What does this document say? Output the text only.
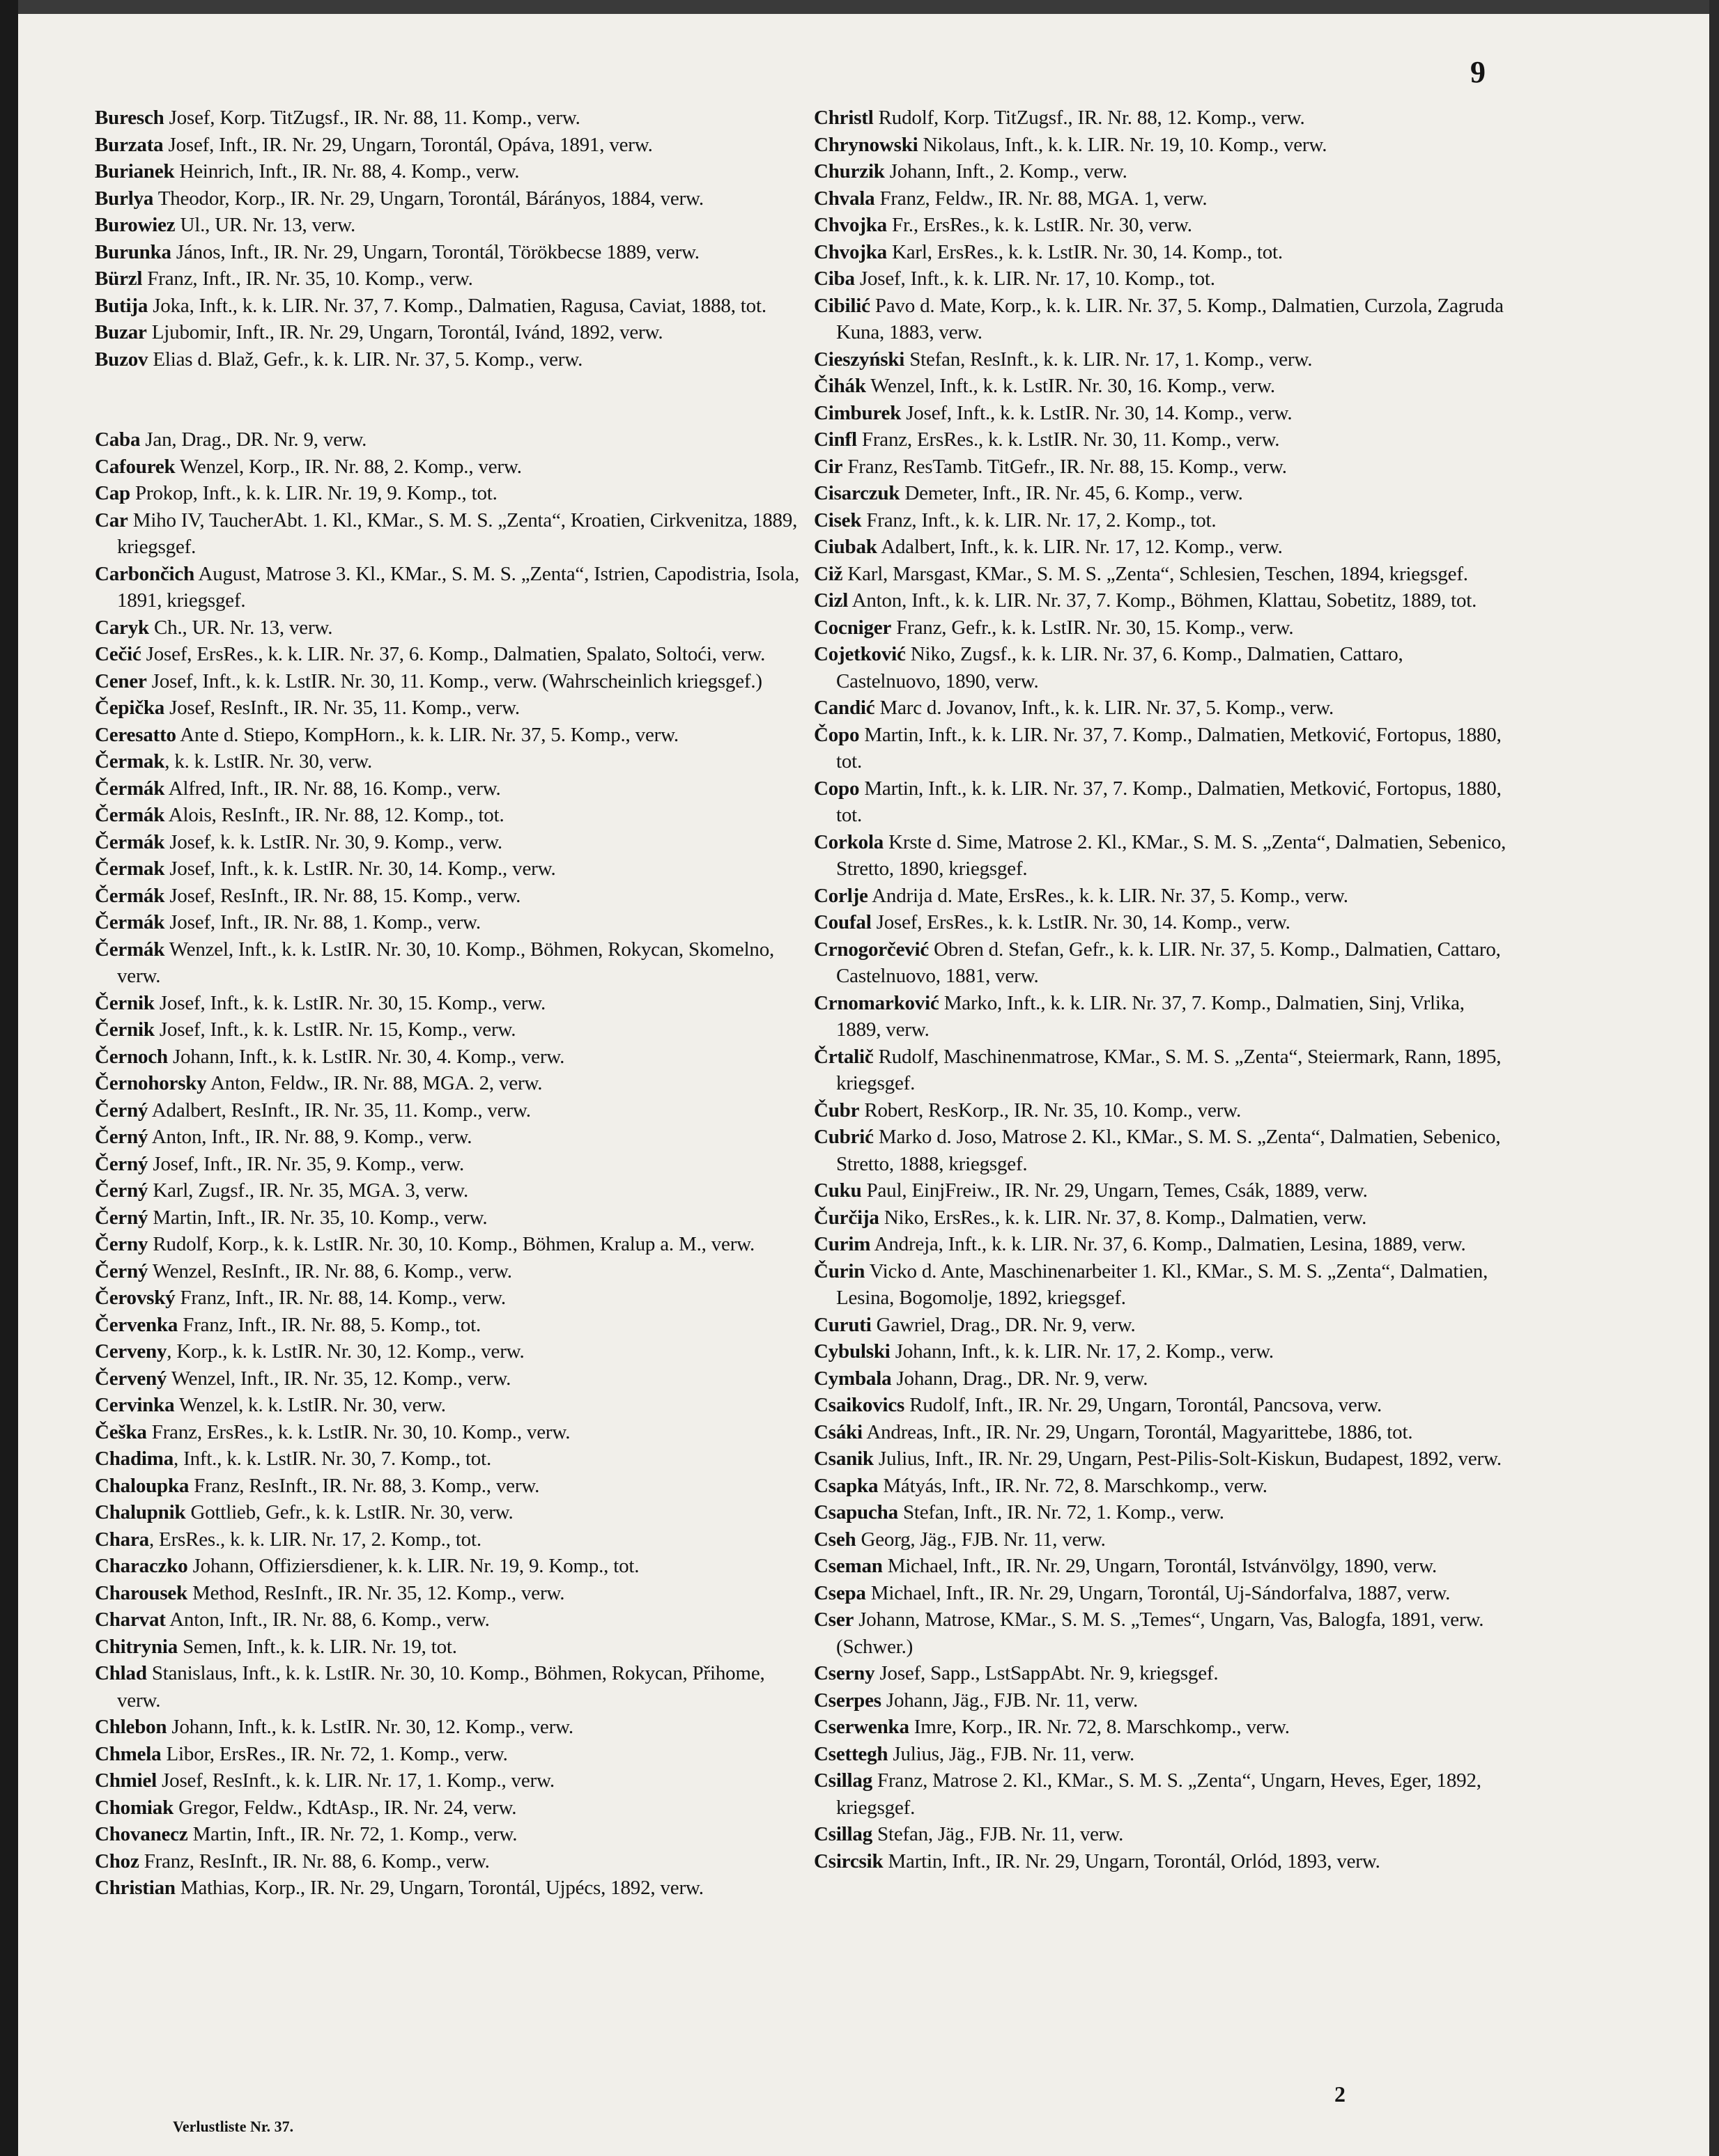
9

Buresch Josef, Korp. TitZugsf., IR. Nr. 88, 11. Komp., verw.

Burzata Josef, Inft., IR. Nr. 29, Ungarn, Torontál, Opáva, 1891, verw.

Burianek Heinrich, Inft., IR. Nr. 88, 4. Komp., verw.

Burlya Theodor, Korp., IR. Nr. 29, Ungarn, Torontál, Bárányos, 1884, verw.

Burowiez Ul., UR. Nr. 13, verw.

Burunka János, Inft., IR. Nr. 29, Ungarn, Torontál, Törökbecse 1889, verw.

Bürzl Franz, Inft., IR. Nr. 35, 10. Komp., verw.

Butija Joka, Inft., k. k. LIR. Nr. 37, 7. Komp., Dalmatien, Ragusa, Caviat, 1888, tot.

Buzar Ljubomir, Inft., IR. Nr. 29, Ungarn, Torontál, Ivánd, 1892, verw.

Buzov Elias d. Blaž, Gefr., k. k. LIR. Nr. 37, 5. Komp., verw.

Caba Jan, Drag., DR. Nr. 9, verw.

Cafourek Wenzel, Korp., IR. Nr. 88, 2. Komp., verw.

Cap Prokop, Inft., k. k. LIR. Nr. 19, 9. Komp., tot.

Car Miho IV, TaucherAbt. 1. Kl., KMar., S. M. S. „Zenta“, Kroatien, Cirkvenitza, 1889, kriegsgef.

Carbončich August, Matrose 3. Kl., KMar., S. M. S. „Zenta“, Istrien, Capodistria, Isola, 1891, kriegsgef.

Caryk Ch., UR. Nr. 13, verw.

Cečić Josef, ErsRes., k. k. LIR. Nr. 37, 6. Komp., Dalmatien, Spalato, Soltoći, verw.

Cener Josef, Inft., k. k. LstIR. Nr. 30, 11. Komp., verw. (Wahrscheinlich kriegsgef.)

Čepička Josef, ResInft., IR. Nr. 35, 11. Komp., verw.

Ceresatto Ante d. Stiepo, KompHorn., k. k. LIR. Nr. 37, 5. Komp., verw.

Čermak, k. k. LstIR. Nr. 30, verw.

Čermák Alfred, Inft., IR. Nr. 88, 16. Komp., verw.

Čermák Alois, ResInft., IR. Nr. 88, 12. Komp., tot.

Čermák Josef, k. k. LstIR. Nr. 30, 9. Komp., verw.

Čermak Josef, Inft., k. k. LstIR. Nr. 30, 14. Komp., verw.

Čermák Josef, ResInft., IR. Nr. 88, 15. Komp., verw.

Čermák Josef, Inft., IR. Nr. 88, 1. Komp., verw.

Čermák Wenzel, Inft., k. k. LstIR. Nr. 30, 10. Komp., Böhmen, Rokycan, Skomelno, verw.

Černik Josef, Inft., k. k. LstIR. Nr. 30, 15. Komp., verw.

Černik Josef, Inft., k. k. LstIR. Nr. 15, Komp., verw.

Černoch Johann, Inft., k. k. LstIR. Nr. 30, 4. Komp., verw.

Černohorsky Anton, Feldw., IR. Nr. 88, MGA. 2, verw.

Černý Adalbert, ResInft., IR. Nr. 35, 11. Komp., verw.

Černý Anton, Inft., IR. Nr. 88, 9. Komp., verw.

Černý Josef, Inft., IR. Nr. 35, 9. Komp., verw.

Černý Karl, Zugsf., IR. Nr. 35, MGA. 3, verw.

Černý Martin, Inft., IR. Nr. 35, 10. Komp., verw.

Černy Rudolf, Korp., k. k. LstIR. Nr. 30, 10. Komp., Böhmen, Kralup a. M., verw.

Černý Wenzel, ResInft., IR. Nr. 88, 6. Komp., verw.

Čerovský Franz, Inft., IR. Nr. 88, 14. Komp., verw.

Červenka Franz, Inft., IR. Nr. 88, 5. Komp., tot.

Cerveny, Korp., k. k. LstIR. Nr. 30, 12. Komp., verw.

Červený Wenzel, Inft., IR. Nr. 35, 12. Komp., verw.

Cervinka Wenzel, k. k. LstIR. Nr. 30, verw.

Češka Franz, ErsRes., k. k. LstIR. Nr. 30, 10. Komp., verw.

Chadima, Inft., k. k. LstIR. Nr. 30, 7. Komp., tot.

Chaloupka Franz, ResInft., IR. Nr. 88, 3. Komp., verw.

Chalupnik Gottlieb, Gefr., k. k. LstIR. Nr. 30, verw.

Chara, ErsRes., k. k. LIR. Nr. 17, 2. Komp., tot.

Characzko Johann, Offiziersdiener, k. k. LIR. Nr. 19, 9. Komp., tot.

Charousek Method, ResInft., IR. Nr. 35, 12. Komp., verw.

Charvat Anton, Inft., IR. Nr. 88, 6. Komp., verw.

Chitrynia Semen, Inft., k. k. LIR. Nr. 19, tot.

Chlad Stanislaus, Inft., k. k. LstIR. Nr. 30, 10. Komp., Böhmen, Rokycan, Přihome, verw.

Chlebon Johann, Inft., k. k. LstIR. Nr. 30, 12. Komp., verw.

Chmela Libor, ErsRes., IR. Nr. 72, 1. Komp., verw.

Chmiel Josef, ResInft., k. k. LIR. Nr. 17, 1. Komp., verw.

Chomiak Gregor, Feldw., KdtAsp., IR. Nr. 24, verw.

Chovanecz Martin, Inft., IR. Nr. 72, 1. Komp., verw.

Choz Franz, ResInft., IR. Nr. 88, 6. Komp., verw.

Christian Mathias, Korp., IR. Nr. 29, Ungarn, Torontál, Ujpécs, 1892, verw.

Christl Rudolf, Korp. TitZugsf., IR. Nr. 88, 12. Komp., verw.

Chrynowski Nikolaus, Inft., k. k. LIR. Nr. 19, 10. Komp., verw.

Churzik Johann, Inft., 2. Komp., verw.

Chvala Franz, Feldw., IR. Nr. 88, MGA. 1, verw.

Chvojka Fr., ErsRes., k. k. LstIR. Nr. 30, verw.

Chvojka Karl, ErsRes., k. k. LstIR. Nr. 30, 14. Komp., tot.

Ciba Josef, Inft., k. k. LIR. Nr. 17, 10. Komp., tot.

Cibilić Pavo d. Mate, Korp., k. k. LIR. Nr. 37, 5. Komp., Dalmatien, Curzola, Zagruda Kuna, 1883, verw.

Cieszyński Stefan, ResInft., k. k. LIR. Nr. 17, 1. Komp., verw.

Čihák Wenzel, Inft., k. k. LstIR. Nr. 30, 16. Komp., verw.

Cimburek Josef, Inft., k. k. LstIR. Nr. 30, 14. Komp., verw.

Cinfl Franz, ErsRes., k. k. LstIR. Nr. 30, 11. Komp., verw.

Cir Franz, ResTamb. TitGefr., IR. Nr. 88, 15. Komp., verw.

Cisarczuk Demeter, Inft., IR. Nr. 45, 6. Komp., verw.

Cisek Franz, Inft., k. k. LIR. Nr. 17, 2. Komp., tot.

Ciubak Adalbert, Inft., k. k. LIR. Nr. 17, 12. Komp., verw.

Ciž Karl, Marsgast, KMar., S. M. S. „Zenta“, Schlesien, Teschen, 1894, kriegsgef.

Cizl Anton, Inft., k. k. LIR. Nr. 37, 7. Komp., Böhmen, Klattau, Sobetitz, 1889, tot.

Cocniger Franz, Gefr., k. k. LstIR. Nr. 30, 15. Komp., verw.

Cojetković Niko, Zugsf., k. k. LIR. Nr. 37, 6. Komp., Dalmatien, Cattaro, Castelnuovo, 1890, verw.

Candić Marc d. Jovanov, Inft., k. k. LIR. Nr. 37, 5. Komp., verw.

Čopo Martin, Inft., k. k. LIR. Nr. 37, 7. Komp., Dalmatien, Metković, Fortopus, 1880, tot.

Copo Martin, Inft., k. k. LIR. Nr. 37, 7. Komp., Dalmatien, Metković, Fortopus, 1880, tot.

Corkola Krste d. Sime, Matrose 2. Kl., KMar., S. M. S. „Zenta“, Dalmatien, Sebenico, Stretto, 1890, kriegsgef.

Corlje Andrija d. Mate, ErsRes., k. k. LIR. Nr. 37, 5. Komp., verw.

Coufal Josef, ErsRes., k. k. LstIR. Nr. 30, 14. Komp., verw.

Crnogorčević Obren d. Stefan, Gefr., k. k. LIR. Nr. 37, 5. Komp., Dalmatien, Cattaro, Castelnuovo, 1881, verw.

Crnomarković Marko, Inft., k. k. LIR. Nr. 37, 7. Komp., Dalmatien, Sinj, Vrlika, 1889, verw.

Črtalič Rudolf, Maschinenmatrose, KMar., S. M. S. „Zenta“, Steiermark, Rann, 1895, kriegsgef.

Čubr Robert, ResKorp., IR. Nr. 35, 10. Komp., verw.

Cubrić Marko d. Joso, Matrose 2. Kl., KMar., S. M. S. „Zenta“, Dalmatien, Sebenico, Stretto, 1888, kriegsgef.

Cuku Paul, EinjFreiw., IR. Nr. 29, Ungarn, Temes, Csák, 1889, verw.

Čurčija Niko, ErsRes., k. k. LIR. Nr. 37, 8. Komp., Dalmatien, verw.

Curim Andreja, Inft., k. k. LIR. Nr. 37, 6. Komp., Dalmatien, Lesina, 1889, verw.

Čurin Vicko d. Ante, Maschinenarbeiter 1. Kl., KMar., S. M. S. „Zenta“, Dalmatien, Lesina, Bogomolje, 1892, kriegsgef.

Curuti Gawriel, Drag., DR. Nr. 9, verw.

Cybulski Johann, Inft., k. k. LIR. Nr. 17, 2. Komp., verw.

Cymbala Johann, Drag., DR. Nr. 9, verw.

Csaikovics Rudolf, Inft., IR. Nr. 29, Ungarn, Torontál, Pancsova, verw.

Csáki Andreas, Inft., IR. Nr. 29, Ungarn, Torontál, Magyarittebe, 1886, tot.

Csanik Julius, Inft., IR. Nr. 29, Ungarn, Pest-Pilis-Solt-Kiskun, Budapest, 1892, verw.

Csapka Mátyás, Inft., IR. Nr. 72, 8. Marschkomp., verw.

Csapucha Stefan, Inft., IR. Nr. 72, 1. Komp., verw.

Cseh Georg, Jäg., FJB. Nr. 11, verw.

Cseman Michael, Inft., IR. Nr. 29, Ungarn, Torontál, Istvánvölgy, 1890, verw.

Csepa Michael, Inft., IR. Nr. 29, Ungarn, Torontál, Uj-Sándorfalva, 1887, verw.

Cser Johann, Matrose, KMar., S. M. S. „Temes“, Ungarn, Vas, Balogfa, 1891, verw. (Schwer.)

Cserny Josef, Sapp., LstSappAbt. Nr. 9, kriegsgef.

Cserpes Johann, Jäg., FJB. Nr. 11, verw.

Cserwenka Imre, Korp., IR. Nr. 72, 8. Marschkomp., verw.

Csettegh Julius, Jäg., FJB. Nr. 11, verw.

Csillag Franz, Matrose 2. Kl., KMar., S. M. S. „Zenta“, Ungarn, Heves, Eger, 1892, kriegsgef.

Csillag Stefan, Jäg., FJB. Nr. 11, verw.

Csircsik Martin, Inft., IR. Nr. 29, Ungarn, Torontál, Orlód, 1893, verw.

Verlustliste Nr. 37.
2
